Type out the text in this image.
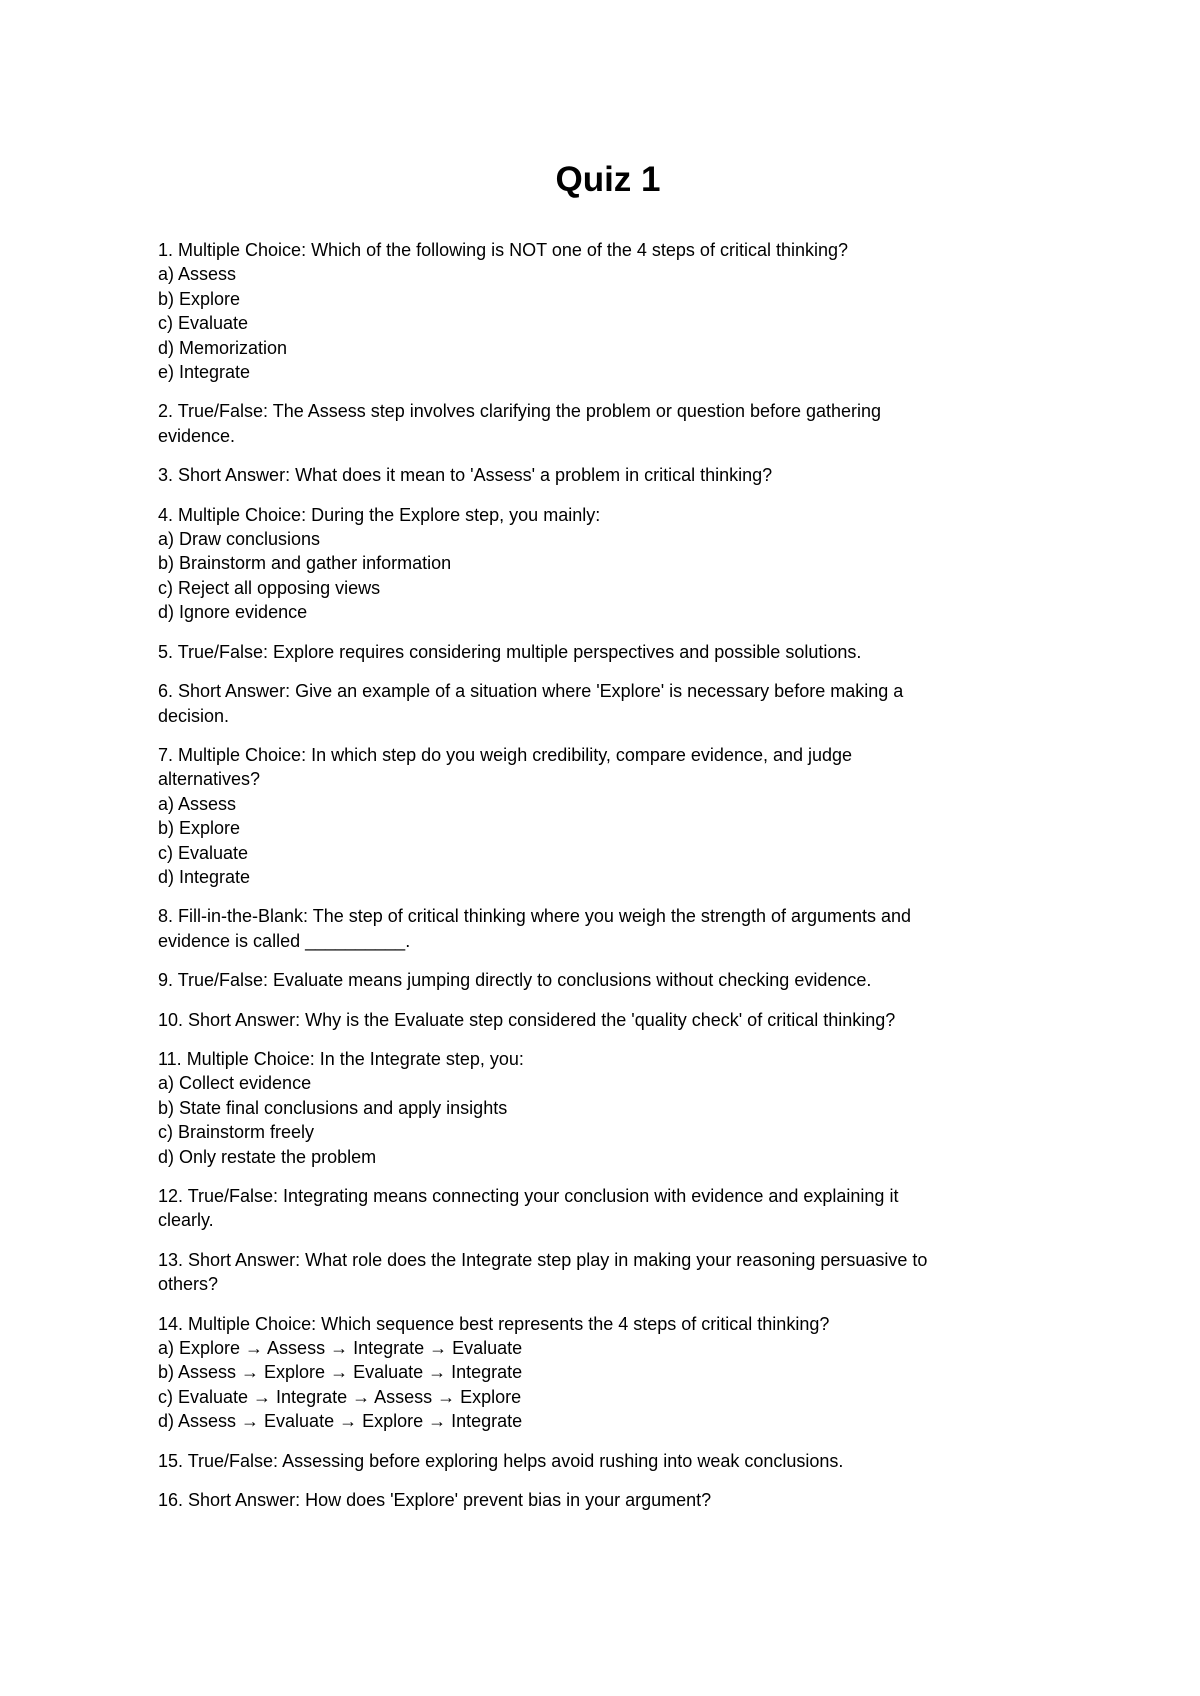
Quiz 1
1. Multiple Choice: Which of the following is NOT one of the 4 steps of critical thinking?
a) Assess
b) Explore
c) Evaluate
d) Memorization
e) Integrate
2. True/False: The Assess step involves clarifying the problem or question before gathering
evidence.
3. Short Answer: What does it mean to 'Assess' a problem in critical thinking?
4. Multiple Choice: During the Explore step, you mainly:
a) Draw conclusions
b) Brainstorm and gather information
c) Reject all opposing views
d) Ignore evidence
5. True/False: Explore requires considering multiple perspectives and possible solutions.
6. Short Answer: Give an example of a situation where 'Explore' is necessary before making a
decision.
7. Multiple Choice: In which step do you weigh credibility, compare evidence, and judge
alternatives?
a) Assess
b) Explore
c) Evaluate
d) Integrate
8. Fill-in-the-Blank: The step of critical thinking where you weigh the strength of arguments and
evidence is called __________.
9. True/False: Evaluate means jumping directly to conclusions without checking evidence.
10. Short Answer: Why is the Evaluate step considered the 'quality check' of critical thinking?
11. Multiple Choice: In the Integrate step, you:
a) Collect evidence
b) State final conclusions and apply insights
c) Brainstorm freely
d) Only restate the problem
12. True/False: Integrating means connecting your conclusion with evidence and explaining it
clearly.
13. Short Answer: What role does the Integrate step play in making your reasoning persuasive to
others?
14. Multiple Choice: Which sequence best represents the 4 steps of critical thinking?
a) Explore → Assess → Integrate → Evaluate
b) Assess → Explore → Evaluate → Integrate
c) Evaluate → Integrate → Assess → Explore
d) Assess → Evaluate → Explore → Integrate
15. True/False: Assessing before exploring helps avoid rushing into weak conclusions.
16. Short Answer: How does 'Explore' prevent bias in your argument?
